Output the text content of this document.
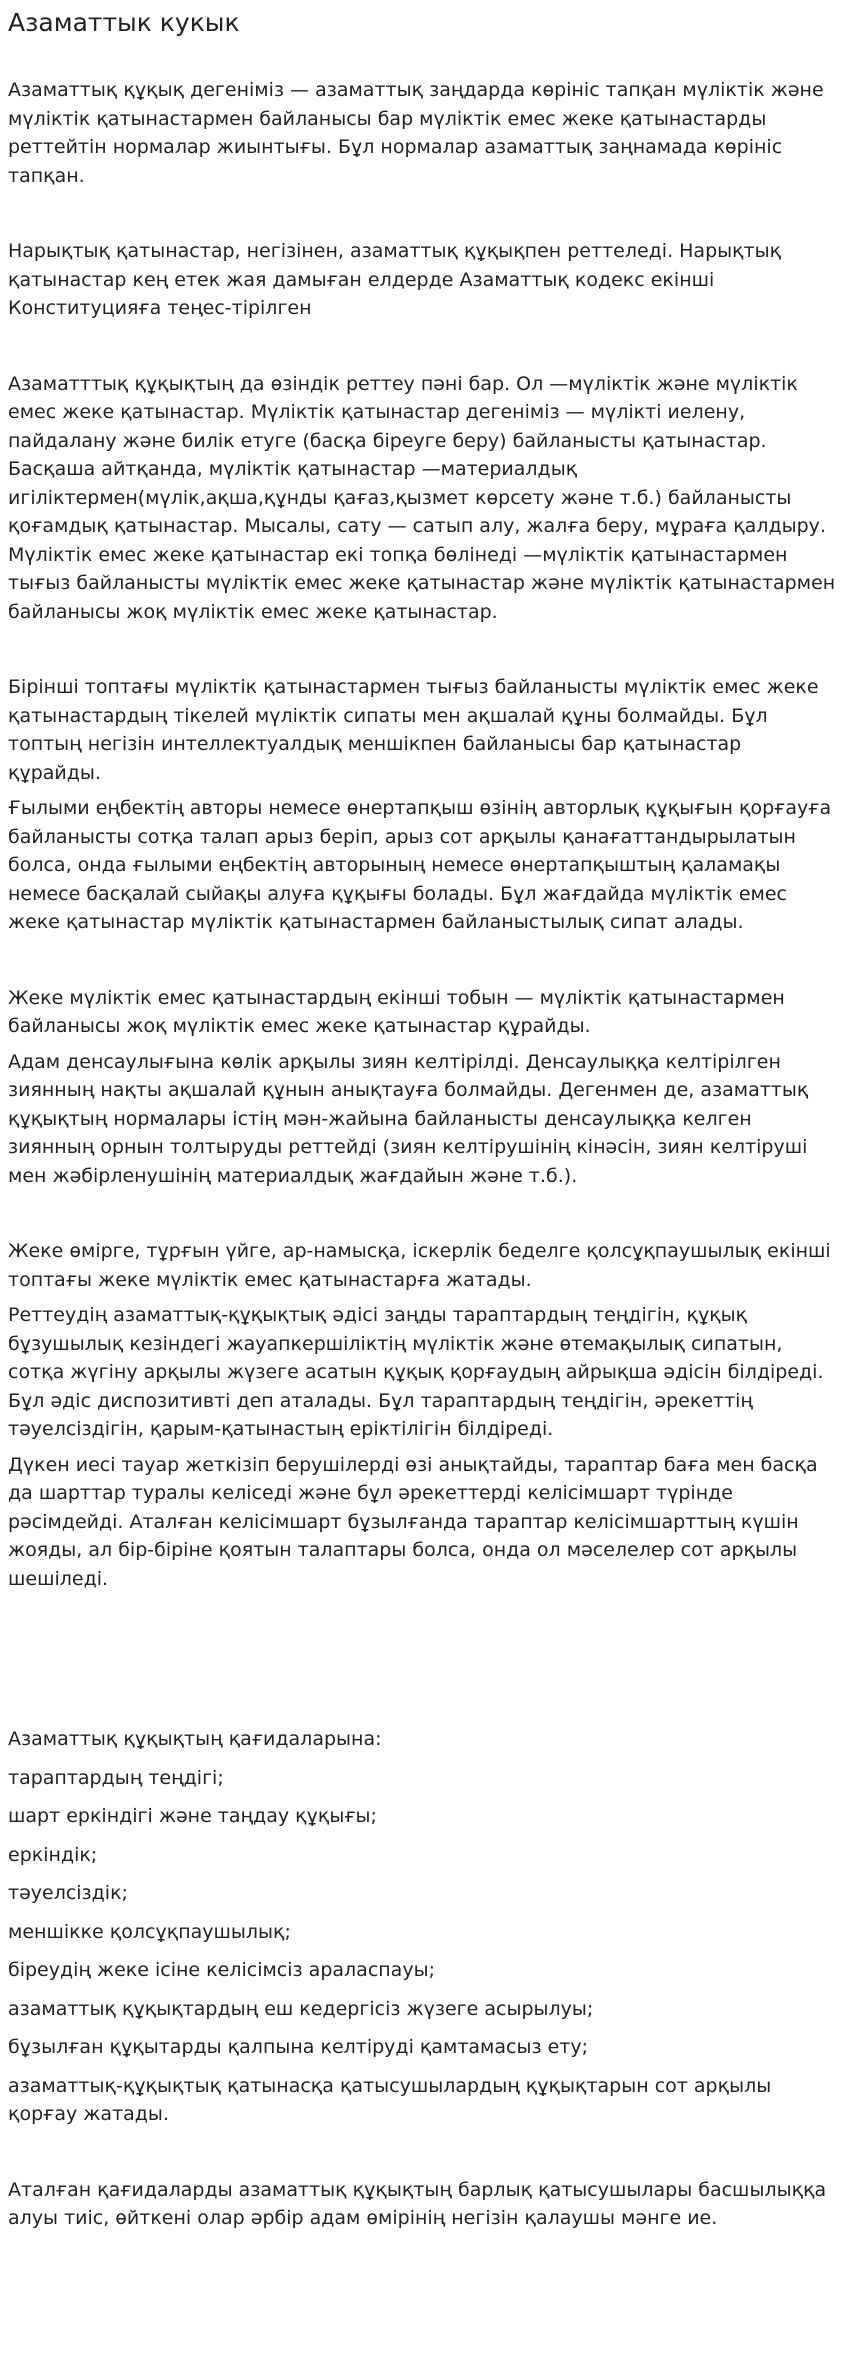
Азаматтык кукык

Азаматтық құқық дегеніміз — азаматтық заңдарда көрініс тапқан мүліктік және мүліктік қатынастармен байланысы бар мүліктік емес жеке қатынастарды реттейтін нормалар жиынтығы. Бұл нормалар азаматтық заңнамада көрініс тапқан.

Нарықтық қатынастар, негізінен, азаматтық құқықпен реттеледі. Нарықтық қатынастар кең етек жая дамыған елдерде Азаматтық кодекс екінші Конституцияға теңес-тірілген

Азаматттық құқықтың да өзіндік реттеу пәні бар. Ол —мүліктік және мүліктік емес жеке қатынастар. Мүліктік қатынастар дегеніміз — мүлікті иелену, пайдалану және билік етуге (басқа біреуге беру) байланысты қатынастар. Басқаша айтқанда, мүліктік қатынастар —материалдық игіліктермен(мүлік,ақша,құнды қағаз,қызмет көрсету және т.б.) байланысты қоғамдық қатынастар. Мысалы, сату — сатып алу, жалға беру, мұраға қалдыру. Мүліктік емес жеке қатынастар екі топқа бөлінеді —мүліктік қатынастармен тығыз байланысты мүліктік емес жеке қатынастар және мүліктік қатынастармен байланысы жоқ мүліктік емес жеке қатынастар.

Бірінші топтағы мүліктік қатынастармен тығыз байланысты мүліктік емес жеке қатынастардың тікелей мүліктік сипаты мен ақшалай құны болмайды. Бұл топтың негізін интеллектуалдық меншікпен байланысы бар қатынастар құрайды.

Ғылыми еңбектің авторы немесе өнертапқыш өзінің авторлық құқығын қорғауға байланысты сотқа талап арыз беріп, арыз сот арқылы қанағаттандырылатын болса, онда ғылыми еңбектің авторының немесе өнертапқыштың қаламақы немесе басқалай сыйақы алуға құқығы болады. Бұл жағдайда мүліктік емес жеке қатынастар мүліктік қатынастармен байланыстылық сипат алады.

Жеке мүліктік емес қатынастардың екінші тобын — мүліктік қатынастармен байланысы жоқ мүліктік емес жеке қатынастар құрайды.

Адам денсаулығына көлік арқылы зиян келтірілді. Денсаулыққа келтірілген зиянның нақты ақшалай құнын анықтауға болмайды. Дегенмен де, азаматтық құқықтың нормалары істің мән-жайына байланысты денсаулыққа келген зиянның орнын толтыруды реттейді (зиян келтірушінің кінәсін, зиян келтіруші мен жәбірленушінің материалдық жағдайын және т.б.).

Жеке өмірге, тұрғын үйге, ар-намысқа, іскерлік беделге қолсұқпаушылық екінші топтағы жеке мүліктік емес қатынастарға жатады.

Реттеудің азаматтық-құқықтық әдісі заңды тараптардың теңдігін, құқық бұзушылық кезіндегі жауапкершіліктің мүліктік және өтемақылық сипатын, сотқа жүгіну арқылы жүзеге асатын құқық қорғаудың айрықша әдісін білдіреді. Бұл әдіс диспозитивті деп аталады. Бұл тараптардың теңдігін, әрекеттің тәуелсіздігін, қарым-қатынастың еріктілігін білдіреді.

Дүкен иесі тауар жеткізіп берушілерді өзі анықтайды, тараптар баға мен басқа да шарттар туралы келіседі және бұл әрекеттерді келісімшарт түрінде рәсімдейді. Аталған келісімшарт бұзылғанда тараптар келісімшарттың күшін жояды, ал бір-біріне қоятын талаптары болса, онда ол мәселелер сот арқылы шешіледі.

Азаматтық құқықтың қағидаларына:

тараптардың теңдігі;

шарт еркіндігі және таңдау құқығы;

еркіндік;

тәуелсіздік;

меншікке қолсұқпаушылық;

біреудің жеке ісіне келісімсіз араласпауы;

азаматтық құқықтардың еш кедергісіз жүзеге асырылуы;

бұзылған құқытарды қалпына келтіруді қамтамасыз ету;

азаматтық-құқықтық қатынасқа қатысушылардың құқықтарын сот арқылы қорғау жатады.

Аталған қағидаларды азаматтық құқықтың барлық қатысушылары басшылыққа алуы тиіс, өйткені олар әрбір адам өмірінің негізін қалаушы мәнге ие.
